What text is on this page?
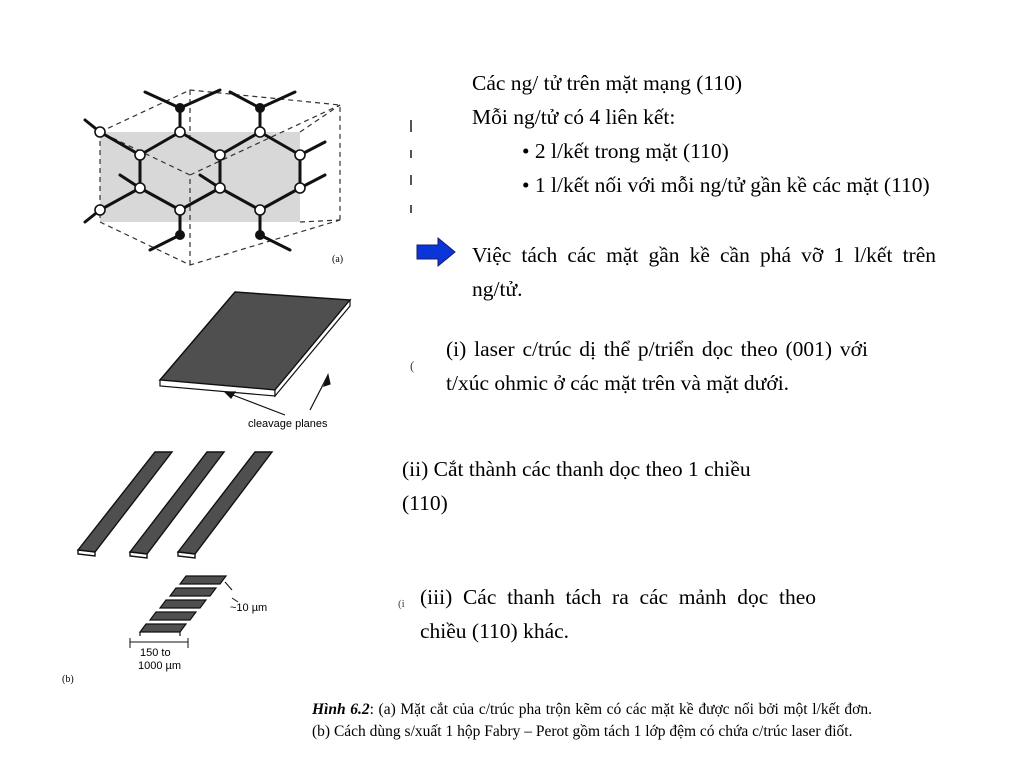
(a)
cleavage planes
~10 µm
150 to
1000 µm
(b)
(
(i
Các ng/ tử trên mặt mạng (110)
Mỗi ng/tử có 4 liên kết:
• 2 l/kết trong mặt (110)
• 1 l/kết nối với mỗi ng/tử gần kề các mặt (110)
Việc tách các mặt gần kề cần phá vỡ 1 l/kết trên ng/tử.
(i) laser c/trúc dị thể p/triển dọc theo (001) với t/xúc ohmic ở các mặt trên và mặt dưới.
(ii) Cắt thành các thanh dọc theo 1 chiều (110)
(iii) Các thanh tách ra các mảnh dọc theo chiều (110) khác.
Hình 6.2: (a) Mặt cắt của c/trúc pha trộn kẽm có các mặt kề được nối bởi một l/kết đơn. (b) Cách dùng s/xuất 1 hộp Fabry – Perot gồm tách 1 lớp đệm có chứa c/trúc laser điốt.
